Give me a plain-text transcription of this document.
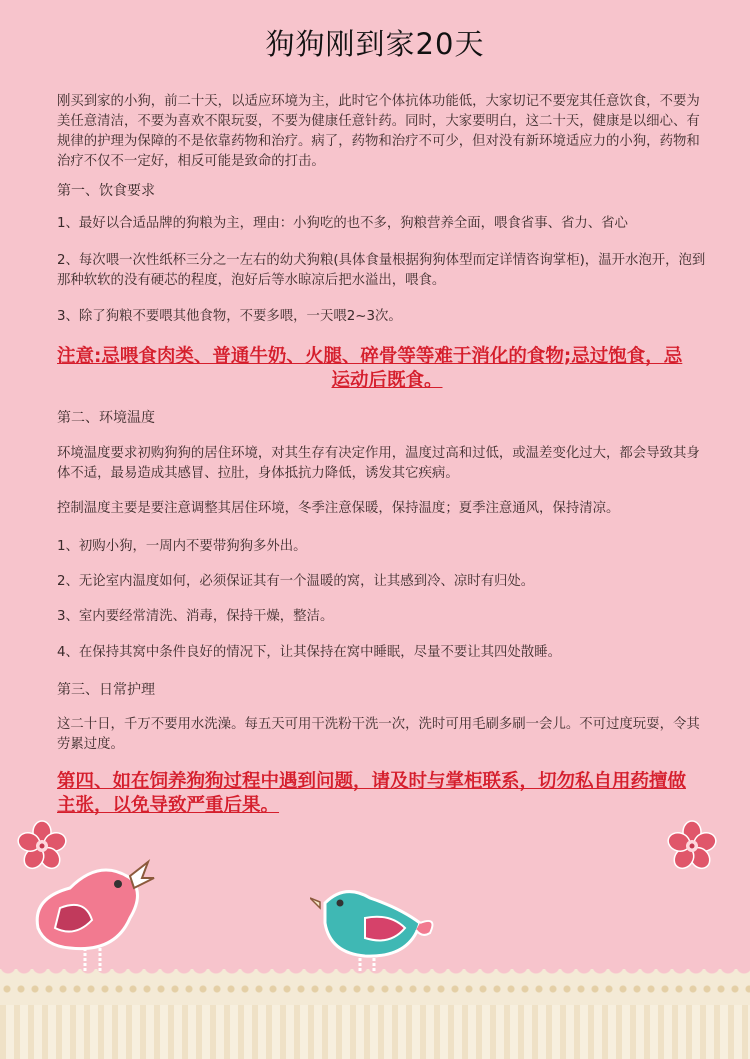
狗狗刚到家20天
刚买到家的小狗，前二十天，以适应环境为主，此时它个体抗体功能低，大家切记不要宠其任意饮食，不要为美任意清洁，不要为喜欢不限玩耍，不要为健康任意针药。同时，大家要明白，这二十天，健康是以细心、有规律的护理为保障的不是依靠药物和治疗。病了，药物和治疗不可少，但对没有新环境适应力的小狗，药物和治疗不仅不一定好，相反可能是致命的打击。
第一、饮食要求
1、最好以合适品牌的狗粮为主，理由：小狗吃的也不多，狗粮营养全面，喂食省事、省力、省心
2、每次喂一次性纸杯三分之一左右的幼犬狗粮(具体食量根据狗狗体型而定详情咨询掌柜)，温开水泡开，泡到那种软软的没有硬芯的程度，泡好后等水晾凉后把水溢出，喂食。
3、除了狗粮不要喂其他食物，不要多喂，一天喂2~3次。
注意:忌喂食肉类、普通牛奶、火腿、碎骨等等难于消化的食物;忌过饱食，忌
运动后既食。
第二、环境温度
环境温度要求初购狗狗的居住环境，对其生存有决定作用，温度过高和过低，或温差变化过大，都会导致其身体不适，最易造成其感冒、拉肚，身体抵抗力降低，诱发其它疾病。
控制温度主要是要注意调整其居住环境，冬季注意保暖，保持温度；夏季注意通风，保持清凉。
1、初购小狗，一周内不要带狗狗多外出。
2、无论室内温度如何，必须保证其有一个温暖的窝，让其感到冷、凉时有归处。
3、室内要经常清洗、消毒，保持干燥，整洁。
4、在保持其窝中条件良好的情况下，让其保持在窝中睡眠，尽量不要让其四处散睡。
第三、日常护理
这二十日，千万不要用水洗澡。每五天可用干洗粉干洗一次，洗时可用毛刷多刷一会儿。不可过度玩耍，令其劳累过度。
第四、如在饲养狗狗过程中遇到问题，请及时与掌柜联系，切勿私自用药擅做
主张，以免导致严重后果。
